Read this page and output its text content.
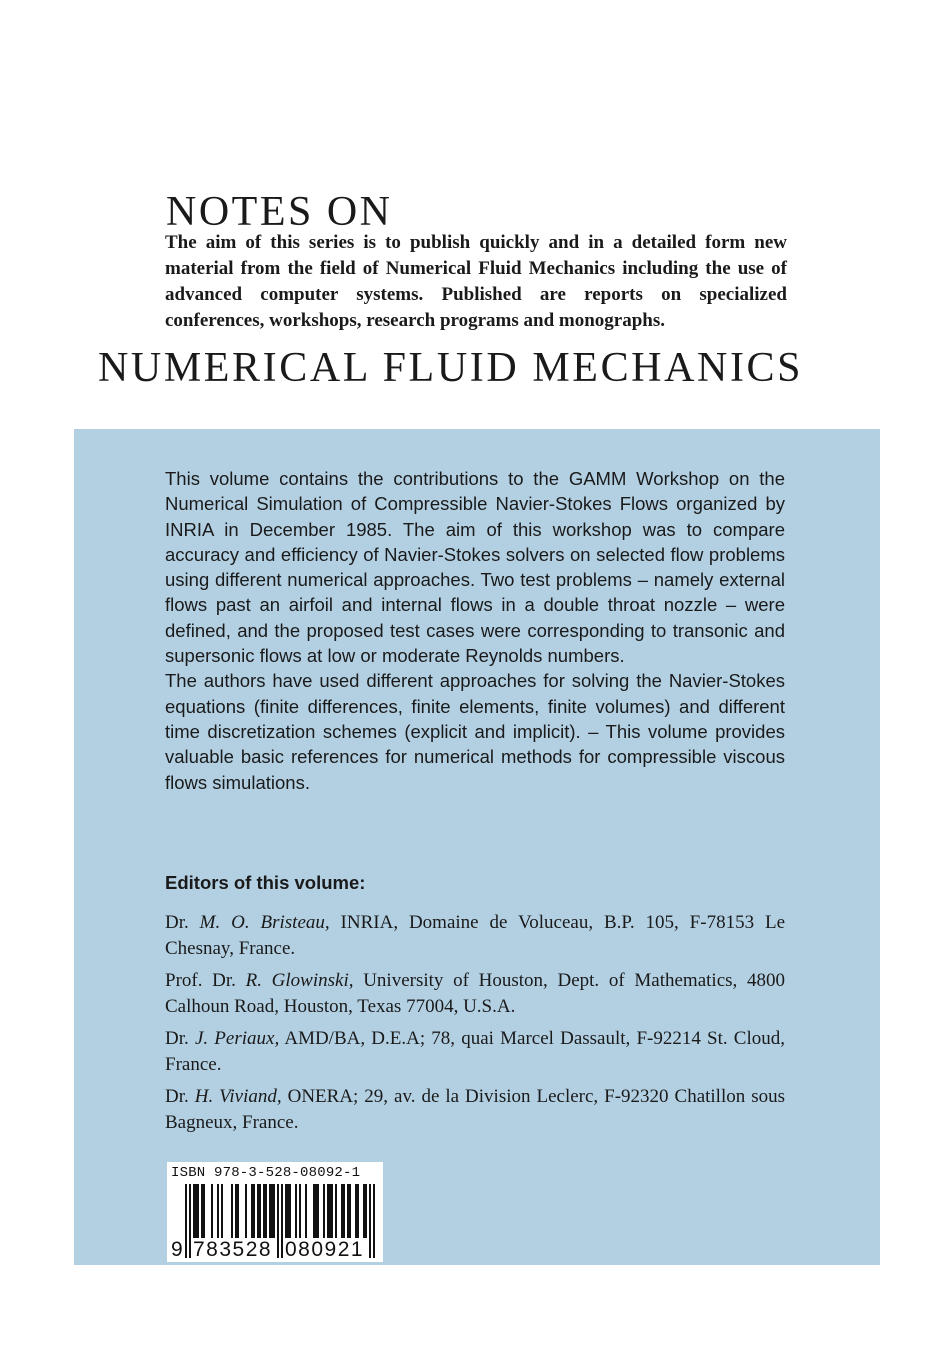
NOTES ON

NUMERICAL FLUID MECHANICS

The aim of this series is to publish quickly and in a detailed form new material from the field of Numerical Fluid Mechanics including the use of advanced computer systems. Published are reports on specialized conferences, workshops, research programs and monographs.

This volume contains the contributions to the GAMM Workshop on the Numerical Simulation of Compressible Navier-Stokes Flows organized by INRIA in December 1985. The aim of this workshop was to compare accuracy and efficiency of Navier-Stokes solvers on selected flow problems using different numerical approaches. Two test problems – namely external flows past an airfoil and internal flows in a double throat nozzle – were defined, and the proposed test cases were corresponding to transonic and supersonic flows at low or moderate Reynolds numbers.

The authors have used different approaches for solving the Navier-Stokes equations (finite differences, finite elements, finite volumes) and different time discretization schemes (explicit and implicit). – This volume provides valuable basic references for numerical methods for compressible viscous flows simulations.

Editors of this volume:

Dr. M. O. Bristeau, INRIA, Domaine de Voluceau, B.P. 105, F-78153 Le Chesnay, France.

Prof. Dr. R. Glowinski, University of Houston, Dept. of Mathematics, 4800 Calhoun Road, Houston, Texas 77004, U.S.A.

Dr. J. Periaux, AMD/BA, D.E.A; 78, quai Marcel Dassault, F-92214 St. Cloud, France.

Dr. H. Viviand, ONERA; 29, av. de la Division Leclerc, F-92320 Chatillon sous Bagneux, France.

ISBN 978-3-528-08092-1
9 783528 080921
